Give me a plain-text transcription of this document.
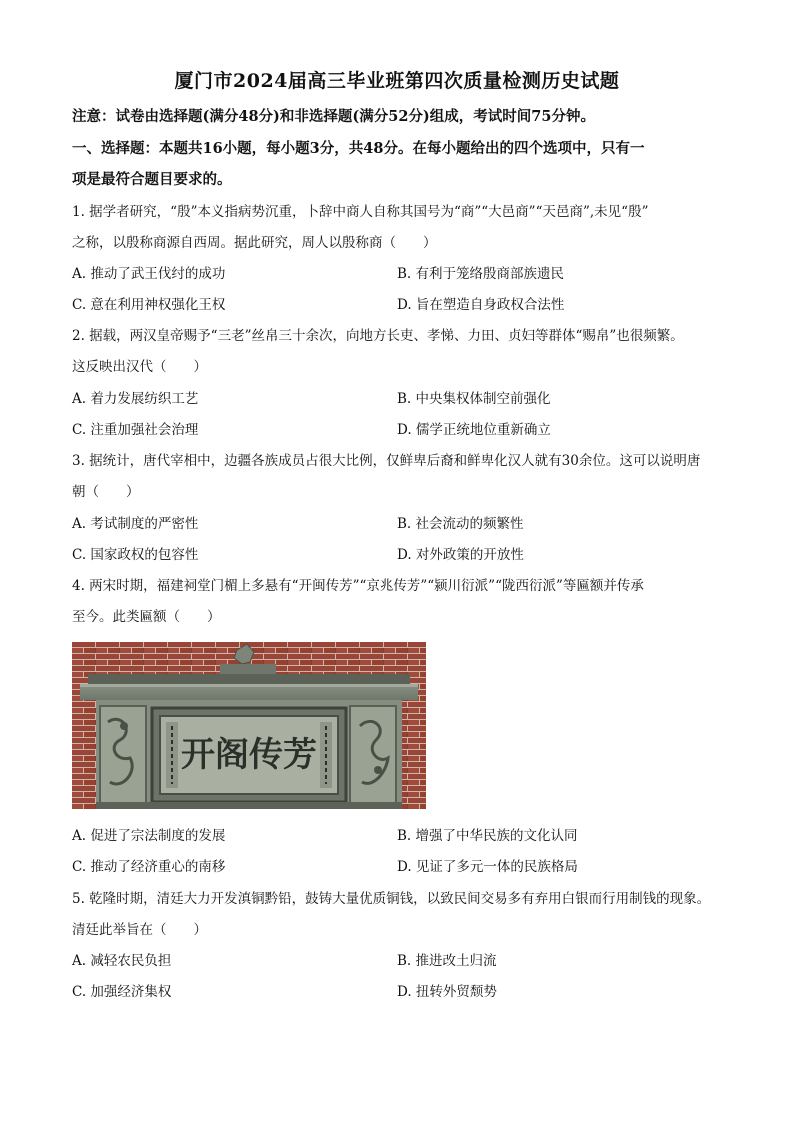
厦门市2024届高三毕业班第四次质量检测历史试题
注意：试卷由选择题(满分48分)和非选择题(满分52分)组成，考试时间75分钟。
一、选择题：本题共16小题，每小题3分，共48分。在每小题给出的四个选项中，只有一
项是最符合题目要求的。
1. 据学者研究，“殷”本义指病势沉重，卜辞中商人自称其国号为“商”“大邑商”“天邑商”,未见“殷”
之称，以殷称商源自西周。据此研究，周人以殷称商（　　）
A. 推动了武王伐纣的成功	B. 有利于笼络殷商部族遗民
C. 意在利用神权强化王权	D. 旨在塑造自身政权合法性
2. 据载，两汉皇帝赐予“三老”丝帛三十余次，向地方长吏、孝悌、力田、贞妇等群体“赐帛”也很频繁。
这反映出汉代（　　）
A. 着力发展纺织工艺	B. 中央集权体制空前强化
C. 注重加强社会治理	D. 儒学正统地位重新确立
3. 据统计，唐代宰相中，边疆各族成员占很大比例，仅鲜卑后裔和鲜卑化汉人就有30余位。这可以说明唐
朝（　　）
A. 考试制度的严密性	B. 社会流动的频繁性
C. 国家政权的包容性	D. 对外政策的开放性
4. 两宋时期，福建祠堂门楣上多悬有“开闽传芳”“京兆传芳”“颍川衍派”“陇西衍派”等匾额并传承
至今。此类匾额（　　）
开阁传芳
A. 促进了宗法制度的发展	B. 增强了中华民族的文化认同
C. 推动了经济重心的南移	D. 见证了多元一体的民族格局
5. 乾隆时期，清廷大力开发滇铜黔铅，鼓铸大量优质铜钱，以致民间交易多有弃用白银而行用制钱的现象。
清廷此举旨在（　　）
A. 减轻农民负担	B. 推进改土归流
C. 加强经济集权	D. 扭转外贸颓势
